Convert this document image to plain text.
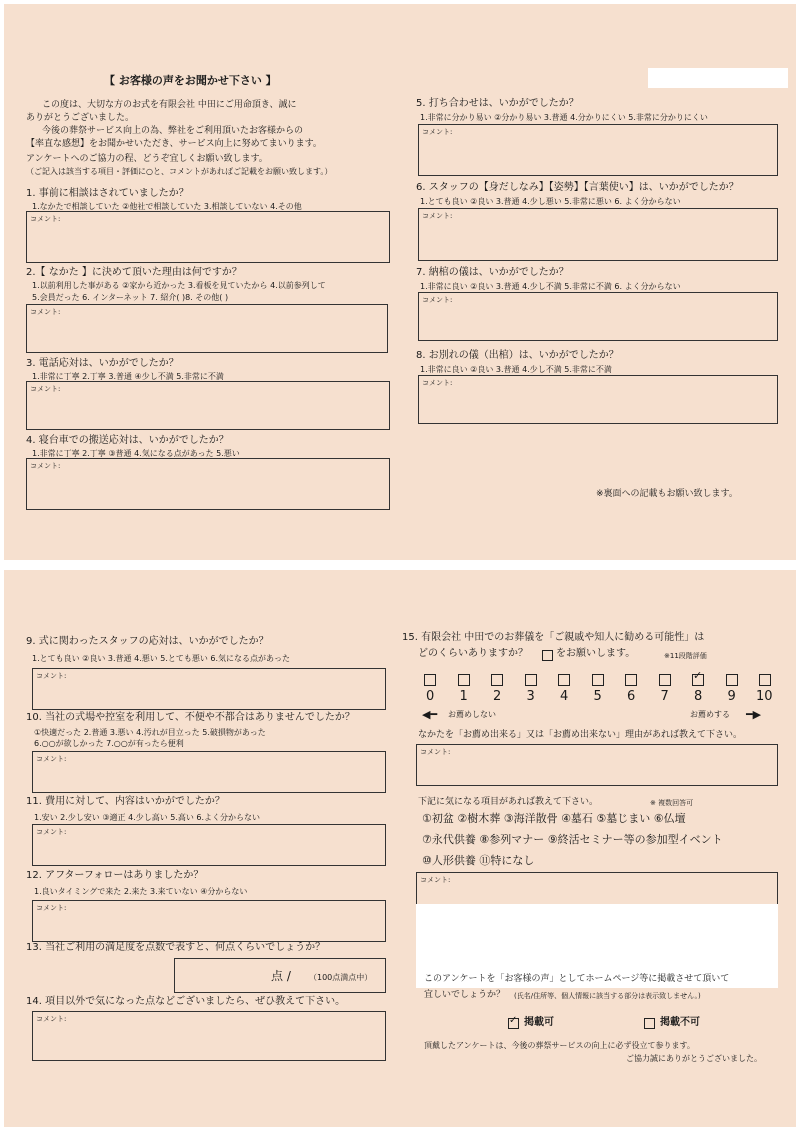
【 お客様の声をお聞かせ下さい 】
この度は、大切な方のお式を有限会社 中田にご用命頂き、誠に
ありがとうございました。
今後の葬祭サービス向上の為、弊社をご利用頂いたお客様からの
【率直な感想】をお聞かせいただき、サービス向上に努めてまいります。
アンケートへのご協力の程、どうぞ宜しくお願い致します。
（ご記入は該当する項目・評価に○と、コメントがあればご記載をお願い致します。）
1. 事前に相談はされていましたか？
1.なかたで相談していた ②他社で相談していた 3.相談していない 4.その他
コメント:
2.【 なかた 】に決めて頂いた理由は何ですか？
1.以前利用した事がある ②家から近かった 3.看板を見ていたから 4.以前参列して
5.会員だった 6. インターネット 7. 紹介( )8. その他( )
コメント:
3. 電話応対は、いかがでしたか？
1.非常に丁寧 2.丁寧 3.普通 ④少し不満 5.非常に不満
コメント:
4. 寝台車での搬送応対は、いかがでしたか？
1.非常に丁寧 2.丁寧 ③普通 4.気になる点があった 5.悪い
コメント:
5. 打ち合わせは、いかがでしたか？
1.非常に分かり易い ②分かり易い 3.普通 4.分かりにくい 5.非常に分かりにくい
コメント:
6. スタッフの【身だしなみ】【姿勢】【言葉使い】は、いかがでしたか？
1.とても良い ②良い 3.普通 4.少し悪い 5.非常に悪い 6. よく分からない
コメント:
7. 納棺の儀は、いかがでしたか？
1.非常に良い ②良い 3.普通 4.少し不満 5.非常に不満 6. よく分からない
コメント:
8. お別れの儀（出棺）は、いかがでしたか？
1.非常に良い ②良い 3.普通 4.少し不満 5.非常に不満
コメント:
※裏面への記載もお願い致します。
9. 式に関わったスタッフの応対は、いかがでしたか？
1.とても良い ②良い 3.普通 4.悪い 5.とても悪い 6.気になる点があった
コメント:
10. 当社の式場や控室を利用して、不便や不都合はありませんでしたか？
①快適だった 2.普通 3.悪い 4.汚れが目立った 5.破損物があった
6.○○が欲しかった 7.○○が有ったら便利
コメント:
11. 費用に対して、内容はいかがでしたか？
1.安い 2.少し安い ③適正 4.少し高い 5.高い 6.よく分からない
コメント:
12. アフターフォローはありましたか？
1.良いタイミングで来た 2.来た 3.来ていない ④分からない
コメント:
13. 当社ご利用の満足度を点数で表すと、何点くらいでしょうか？
点 / （100点満点中）
14. 項目以外で気になった点などございましたら、ぜひ教えて下さい。
コメント:
15. 有限会社 中田でのお葬儀を「ご親戚や知人に勧める可能性」は
どのくらいありますか？	をお願いします。	※11段階評価
◀━ お薦めしない	お薦めする ━▶
なかたを「お薦め出来る」又は「お薦め出来ない」理由があれば教えて下さい。
コメント:
下記に気になる項目があれば教えて下さい。	※ 複数回答可
①初盆 ②樹木葬 ③海洋散骨 ④墓石 ⑤墓じまい ⑥仏壇
⑦永代供養 ⑧参列マナー ⑨終活セミナー等の参加型イベント
⑩人形供養 ⑪特になし
コメント:
このアンケートを「お客様の声」としてホームページ等に掲載させて頂いて
宜しいでしょうか？ (氏名/住所等、個人情報に該当する部分は表示致しません。)
✓ 掲載可	掲載不可
頂戴したアンケートは、今後の葬祭サービスの向上に必ず役立て参ります。
ご協力誠にありがとうございました。
0 1 2 3 4 5 6 7
✓
8 9 10
